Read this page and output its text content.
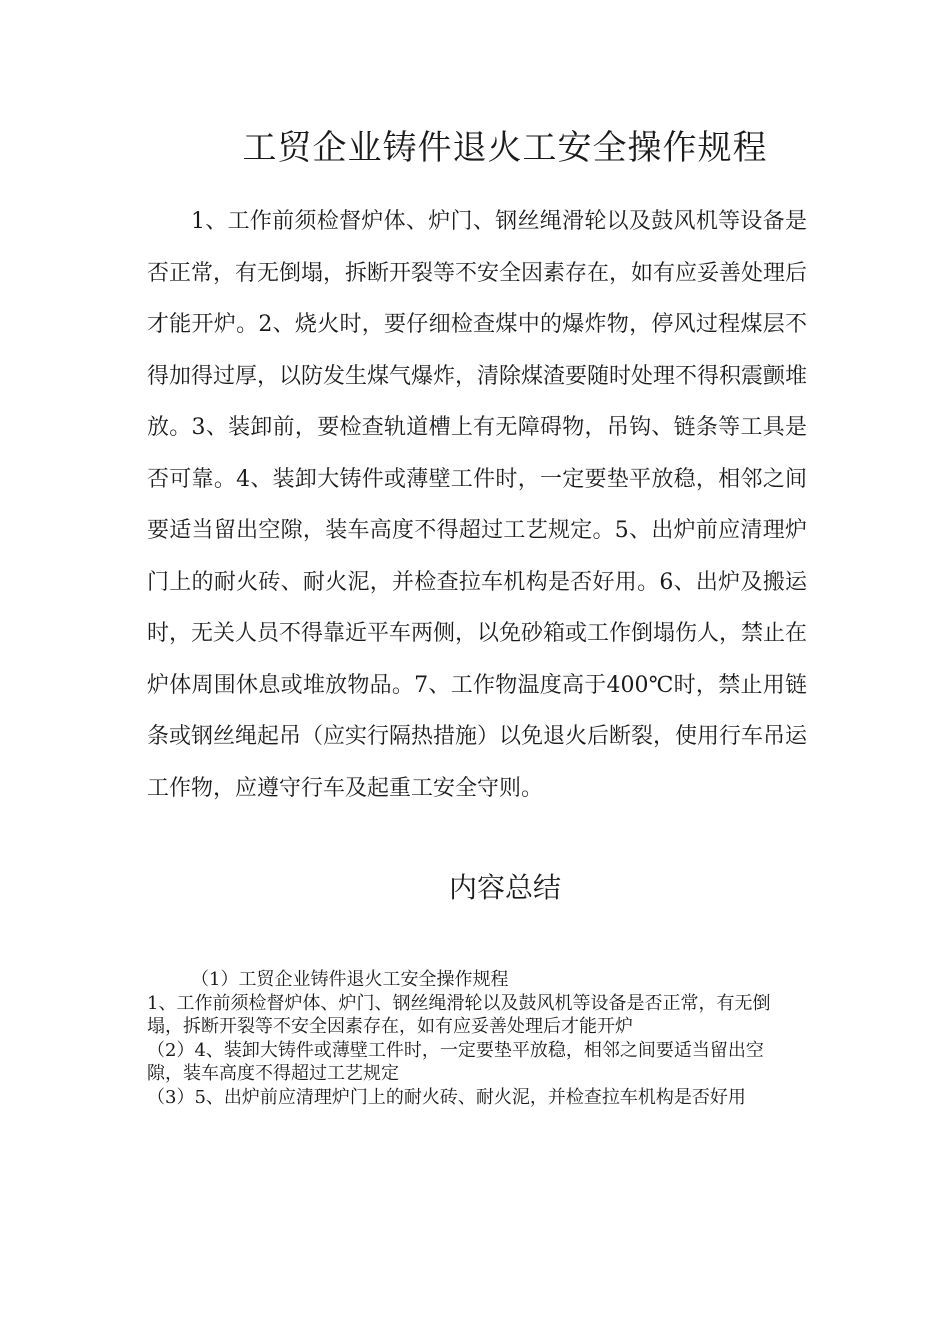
工贸企业铸件退火工安全操作规程

1、工作前须检督炉体、炉门、钢丝绳滑轮以及鼓风机等设备是否正常，有无倒塌，拆断开裂等不安全因素存在，如有应妥善处理后才能开炉。2、烧火时，要仔细检查煤中的爆炸物，停风过程煤层不得加得过厚，以防发生煤气爆炸，清除煤渣要随时处理不得积震颤堆放。3、装卸前，要检查轨道槽上有无障碍物，吊钩、链条等工具是否可靠。4、装卸大铸件或薄壁工件时，一定要垫平放稳，相邻之间要适当留出空隙，装车高度不得超过工艺规定。5、出炉前应清理炉门上的耐火砖、耐火泥，并检查拉车机构是否好用。6、出炉及搬运时，无关人员不得靠近平车两侧，以免砂箱或工作倒塌伤人，禁止在炉体周围休息或堆放物品。7、工作物温度高于400℃时，禁止用链条或钢丝绳起吊（应实行隔热措施）以免退火后断裂，使用行车吊运工作物，应遵守行车及起重工安全守则。

内容总结
（1）工贸企业铸件退火工安全操作规程
1、工作前须检督炉体、炉门、钢丝绳滑轮以及鼓风机等设备是否正常，有无倒塌，拆断开裂等不安全因素存在，如有应妥善处理后才能开炉
（2）4、装卸大铸件或薄壁工件时，一定要垫平放稳，相邻之间要适当留出空隙，装车高度不得超过工艺规定
（3）5、出炉前应清理炉门上的耐火砖、耐火泥，并检查拉车机构是否好用
